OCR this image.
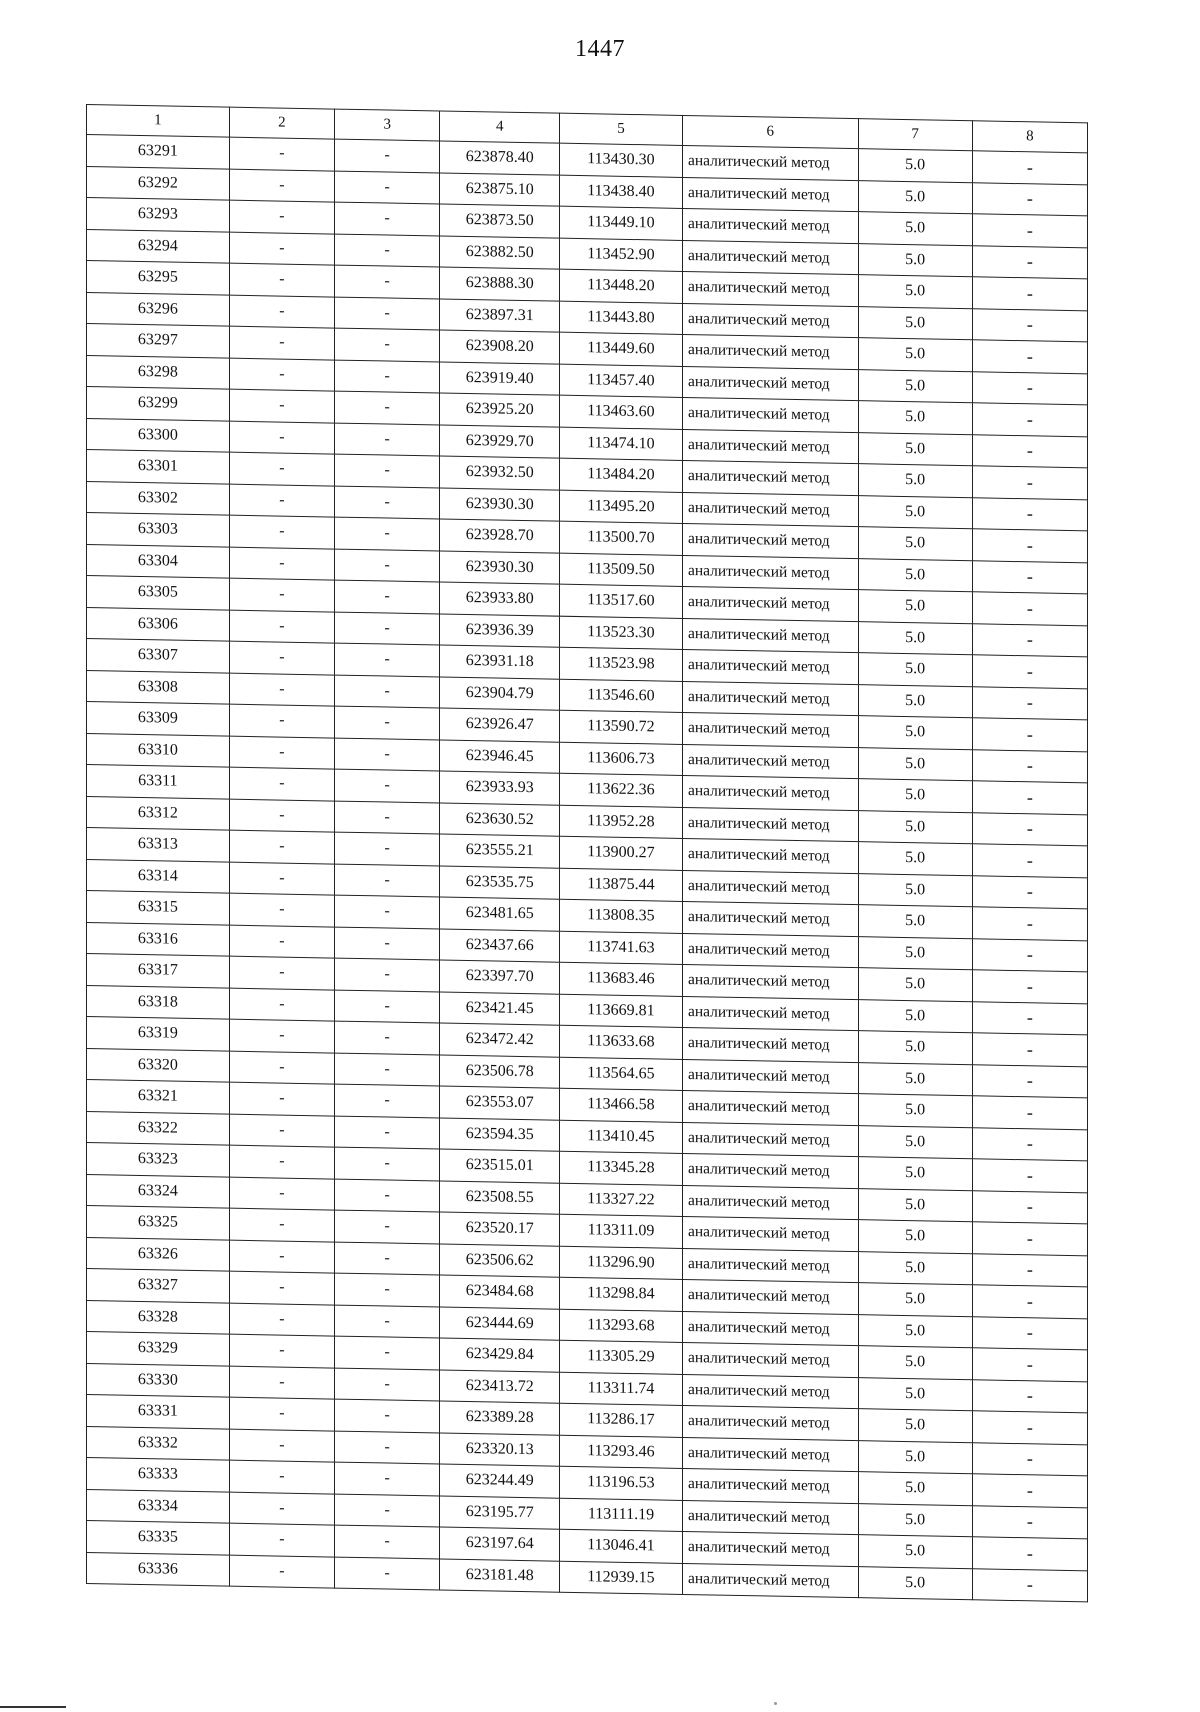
1447
1	2	3	4	5	6	7	8
63291	-	-	623878.40	113430.30	аналитический метод	5.0	-
63292	-	-	623875.10	113438.40	аналитический метод	5.0	-
63293	-	-	623873.50	113449.10	аналитический метод	5.0	-
63294	-	-	623882.50	113452.90	аналитический метод	5.0	-
63295	-	-	623888.30	113448.20	аналитический метод	5.0	-
63296	-	-	623897.31	113443.80	аналитический метод	5.0	-
63297	-	-	623908.20	113449.60	аналитический метод	5.0	-
63298	-	-	623919.40	113457.40	аналитический метод	5.0	-
63299	-	-	623925.20	113463.60	аналитический метод	5.0	-
63300	-	-	623929.70	113474.10	аналитический метод	5.0	-
63301	-	-	623932.50	113484.20	аналитический метод	5.0	-
63302	-	-	623930.30	113495.20	аналитический метод	5.0	-
63303	-	-	623928.70	113500.70	аналитический метод	5.0	-
63304	-	-	623930.30	113509.50	аналитический метод	5.0	-
63305	-	-	623933.80	113517.60	аналитический метод	5.0	-
63306	-	-	623936.39	113523.30	аналитический метод	5.0	-
63307	-	-	623931.18	113523.98	аналитический метод	5.0	-
63308	-	-	623904.79	113546.60	аналитический метод	5.0	-
63309	-	-	623926.47	113590.72	аналитический метод	5.0	-
63310	-	-	623946.45	113606.73	аналитический метод	5.0	-
63311	-	-	623933.93	113622.36	аналитический метод	5.0	-
63312	-	-	623630.52	113952.28	аналитический метод	5.0	-
63313	-	-	623555.21	113900.27	аналитический метод	5.0	-
63314	-	-	623535.75	113875.44	аналитический метод	5.0	-
63315	-	-	623481.65	113808.35	аналитический метод	5.0	-
63316	-	-	623437.66	113741.63	аналитический метод	5.0	-
63317	-	-	623397.70	113683.46	аналитический метод	5.0	-
63318	-	-	623421.45	113669.81	аналитический метод	5.0	-
63319	-	-	623472.42	113633.68	аналитический метод	5.0	-
63320	-	-	623506.78	113564.65	аналитический метод	5.0	-
63321	-	-	623553.07	113466.58	аналитический метод	5.0	-
63322	-	-	623594.35	113410.45	аналитический метод	5.0	-
63323	-	-	623515.01	113345.28	аналитический метод	5.0	-
63324	-	-	623508.55	113327.22	аналитический метод	5.0	-
63325	-	-	623520.17	113311.09	аналитический метод	5.0	-
63326	-	-	623506.62	113296.90	аналитический метод	5.0	-
63327	-	-	623484.68	113298.84	аналитический метод	5.0	-
63328	-	-	623444.69	113293.68	аналитический метод	5.0	-
63329	-	-	623429.84	113305.29	аналитический метод	5.0	-
63330	-	-	623413.72	113311.74	аналитический метод	5.0	-
63331	-	-	623389.28	113286.17	аналитический метод	5.0	-
63332	-	-	623320.13	113293.46	аналитический метод	5.0	-
63333	-	-	623244.49	113196.53	аналитический метод	5.0	-
63334	-	-	623195.77	113111.19	аналитический метод	5.0	-
63335	-	-	623197.64	113046.41	аналитический метод	5.0	-
63336	-	-	623181.48	112939.15	аналитический метод	5.0	-
